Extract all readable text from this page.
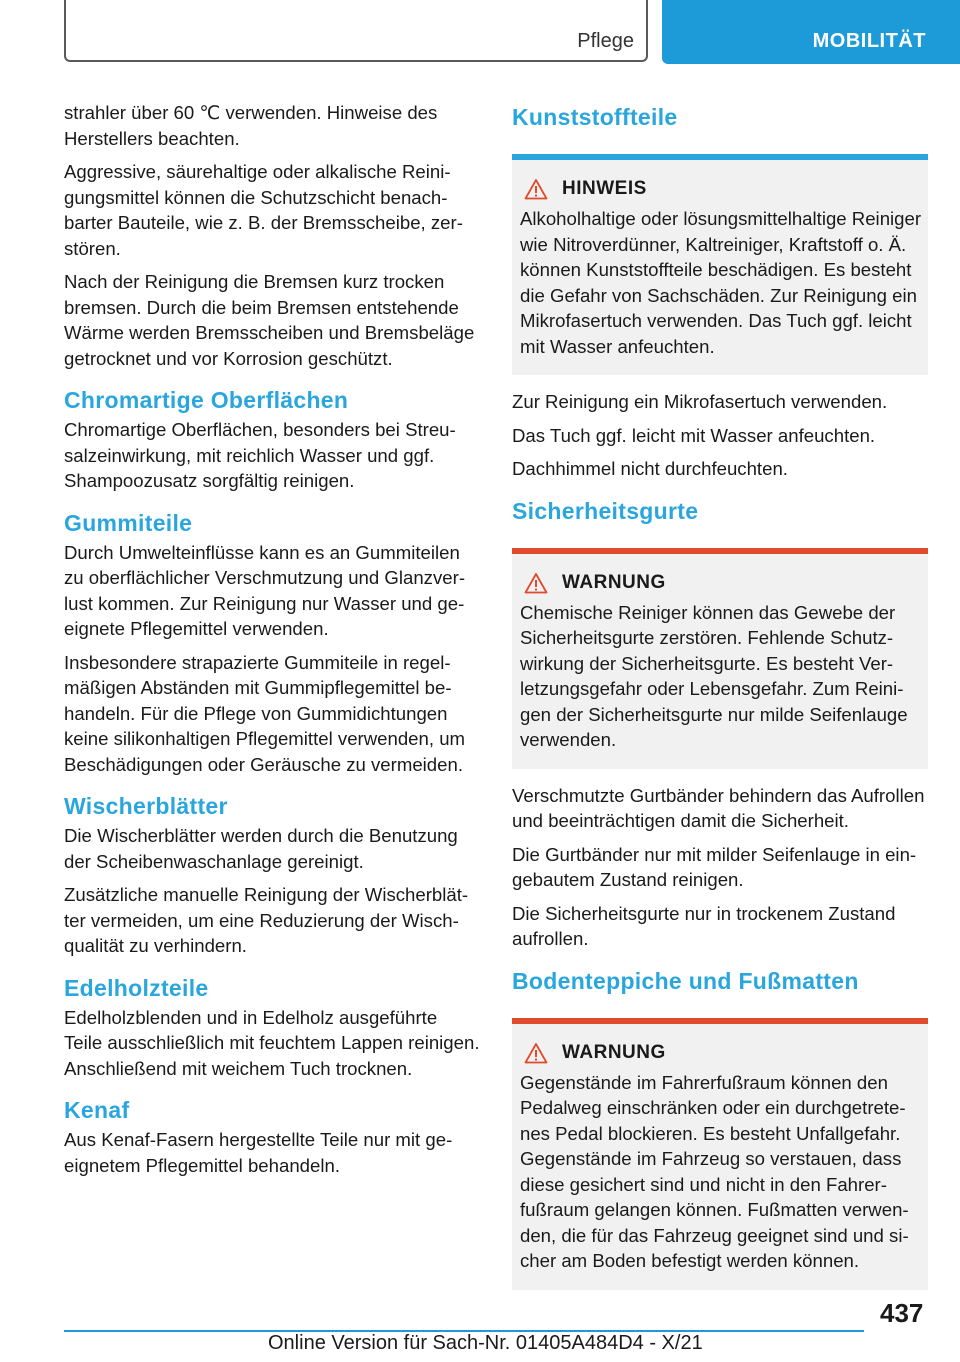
Pflege	MOBILITÄT

strahler über 60 ℃ verwenden. Hinweise des Herstellers beachten.

Aggressive, säurehaltige oder alkalische Reinigungsmittel können die Schutzschicht benachbarter Bauteile, wie z. B. der Bremsscheibe, zerstören.

Nach der Reinigung die Bremsen kurz trocken bremsen. Durch die beim Bremsen entstehende Wärme werden Bremsscheiben und Bremsbeläge getrocknet und vor Korrosion geschützt.

Chromartige Oberflächen

Chromartige Oberflächen, besonders bei Streusalzeinwirkung, mit reichlich Wasser und ggf. Shampoozusatz sorgfältig reinigen.

Gummiteile

Durch Umwelteinflüsse kann es an Gummiteilen zu oberflächlicher Verschmutzung und Glanzverlust kommen. Zur Reinigung nur Wasser und geeignete Pflegemittel verwenden.

Insbesondere strapazierte Gummiteile in regelmäßigen Abständen mit Gummipflegemittel behandeln. Für die Pflege von Gummidichtungen keine silikonhaltigen Pflegemittel verwenden, um Beschädigungen oder Geräusche zu vermeiden.

Wischerblätter

Die Wischerblätter werden durch die Benutzung der Scheibenwaschanlage gereinigt.

Zusätzliche manuelle Reinigung der Wischerblätter vermeiden, um eine Reduzierung der Wischqualität zu verhindern.

Edelholzteile

Edelholzblenden und in Edelholz ausgeführte Teile ausschließlich mit feuchtem Lappen reinigen. Anschließend mit weichem Tuch trocknen.

Kenaf

Aus Kenaf-Fasern hergestellte Teile nur mit geeignetem Pflegemittel behandeln.

Kunststoffteile
HINWEIS

Alkoholhaltige oder lösungsmittelhaltige Reiniger wie Nitroverdünner, Kaltreiniger, Kraftstoff o. Ä. können Kunststoffteile beschädigen. Es besteht die Gefahr von Sachschäden. Zur Reinigung ein Mikrofasertuch verwenden. Das Tuch ggf. leicht mit Wasser anfeuchten.

Zur Reinigung ein Mikrofasertuch verwenden.

Das Tuch ggf. leicht mit Wasser anfeuchten.

Dachhimmel nicht durchfeuchten.

Sicherheitsgurte
WARNUNG

Chemische Reiniger können das Gewebe der Sicherheitsgurte zerstören. Fehlende Schutzwirkung der Sicherheitsgurte. Es besteht Verletzungsgefahr oder Lebensgefahr. Zum Reinigen der Sicherheitsgurte nur milde Seifenlauge verwenden.

Verschmutzte Gurtbänder behindern das Aufrollen und beeinträchtigen damit die Sicherheit.

Die Gurtbänder nur mit milder Seifenlauge in eingebautem Zustand reinigen.

Die Sicherheitsgurte nur in trockenem Zustand aufrollen.

Bodenteppiche und Fußmatten
WARNUNG

Gegenstände im Fahrerfußraum können den Pedalweg einschränken oder ein durchgetretenes Pedal blockieren. Es besteht Unfallgefahr. Gegenstände im Fahrzeug so verstauen, dass diese gesichert sind und nicht in den Fahrerfußraum gelangen können. Fußmatten verwenden, die für das Fahrzeug geeignet sind und sicher am Boden befestigt werden können.

437
Online Version für Sach-Nr. 01405A484D4 - X/21
